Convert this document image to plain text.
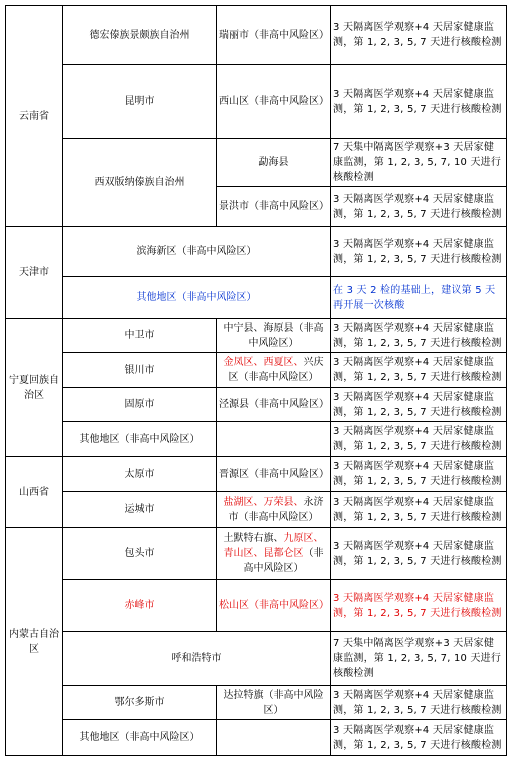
云南省	德宏傣族景颇族自治州	瑞丽市（非高中风险区）	3 天隔离医学观察+4 天居家健康监测，第 1, 2, 3, 5, 7 天进行核酸检测
	昆明市	西山区（非高中风险区）	3 天隔离医学观察+4 天居家健康监测，第 1, 2, 3, 5, 7 天进行核酸检测
	西双版纳傣族自治州	勐海县	7 天集中隔离医学观察+3 天居家健康监测，第 1, 2, 3, 5, 7, 10 天进行核酸检测
		景洪市（非高中风险区）	3 天隔离医学观察+4 天居家健康监测，第 1, 2, 3, 5, 7 天进行核酸检测
天津市	滨海新区（非高中风险区）		3 天隔离医学观察+4 天居家健康监测，第 1, 2, 3, 5, 7 天进行核酸检测
	其他地区（非高中风险区）		在 3 天 2 检的基础上，建议第 5 天再开展一次核酸
宁夏回族自治区	中卫市	中宁县、海原县（非高中风险区）	3 天隔离医学观察+4 天居家健康监测，第 1, 2, 3, 5, 7 天进行核酸检测
	银川市	金凤区、西夏区、兴庆区（非高中风险区）	3 天隔离医学观察+4 天居家健康监测，第 1, 2, 3, 5, 7 天进行核酸检测
	固原市	泾源县（非高中风险区）	3 天隔离医学观察+4 天居家健康监测，第 1, 2, 3, 5, 7 天进行核酸检测
	其他地区（非高中风险区）		3 天隔离医学观察+4 天居家健康监测，第 1, 2, 3, 5, 7 天进行核酸检测
山西省	太原市	晋源区（非高中风险区）	3 天隔离医学观察+4 天居家健康监测，第 1, 2, 3, 5, 7 天进行核酸检测
	运城市	盐湖区、万荣县、永济市（非高中风险区）	3 天隔离医学观察+4 天居家健康监测，第 1, 2, 3, 5, 7 天进行核酸检测
内蒙古自治区	包头市	土默特右旗、九原区、青山区、昆都仑区（非高中风险区）	3 天隔离医学观察+4 天居家健康监测，第 1, 2, 3, 5, 7 天进行核酸检测
	赤峰市	松山区（非高中风险区）	3 天隔离医学观察+4 天居家健康监测，第 1, 2, 3, 5, 7 天进行核酸检测
	呼和浩特市		7 天集中隔离医学观察+3 天居家健康监测，第 1, 2, 3, 5, 7, 10 天进行核酸检测
	鄂尔多斯市	达拉特旗（非高中风险区）	3 天隔离医学观察+4 天居家健康监测，第 1, 2, 3, 5, 7 天进行核酸检测
	其他地区（非高中风险区）		3 天隔离医学观察+4 天居家健康监测，第 1, 2, 3, 5, 7 天进行核酸检测
